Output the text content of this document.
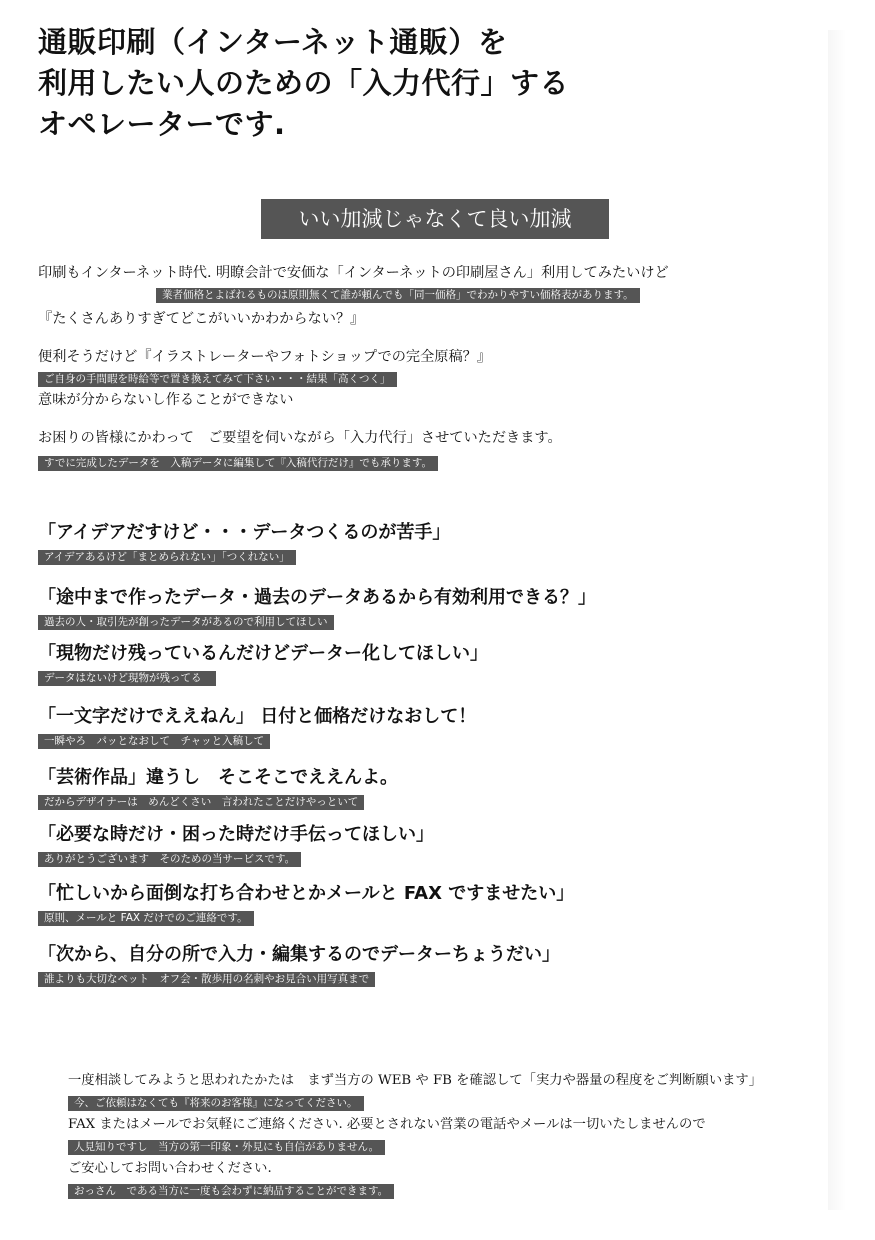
通販印刷（インターネット通販）を
利用したい人のための「入力代行」する
オペレーターです.
いい加減じゃなくて良い加減
印刷もインターネット時代. 明瞭会計で安価な「インターネットの印刷屋さん」利用してみたいけど
業者価格とよばれるものは原則無くて誰が頼んでも「同一価格」でわかりやすい価格表があります。
『たくさんありすぎてどこがいいかわからない？』
便利そうだけど『イラストレーターやフォトショップでの完全原稿？』
ご自身の手間暇を時給等で置き換えてみて下さい・・・結果「高くつく」
意味が分からないし作ることができない
お困りの皆様にかわって　ご要望を伺いながら「入力代行」させていただきます。
すでに完成したデータを　入稿データに編集して『入稿代行だけ』でも承ります。
「アイデアだすけど・・・データつくるのが苦手」
アイデアあるけど「まとめられない」「つくれない」
「途中まで作ったデータ・過去のデータあるから有効利用できる？」
過去の人・取引先が創ったデータがあるので利用してほしい
「現物だけ残っているんだけどデーター化してほしい」
データはないけど現物が残ってる
「一文字だけでええねん」 日付と価格だけなおして！
一瞬やろ　パッとなおして　チャッと入稿して
「芸術作品」違うし　そこそこでええんよ。
だからデザイナーは　めんどくさい　言われたことだけやっといて
「必要な時だけ・困った時だけ手伝ってほしい」
ありがとうございます　そのための当サービスです。
「忙しいから面倒な打ち合わせとかメールと FAX ですませたい」
原則、メールと FAX だけでのご連絡です。
「次から、自分の所で入力・編集するのでデーターちょうだい」
誰よりも大切なペット　オフ会・散歩用の名刺やお見合い用写真まで
一度相談してみようと思われたかたは　まず当方の WEB や FB を確認して「実力や器量の程度をご判断願います」
今、ご依頼はなくても『将来のお客様』になってください。
FAX またはメールでお気軽にご連絡ください. 必要とされない営業の電話やメールは一切いたしませんので
人見知りですし　当方の第一印象・外見にも自信がありません。
ご安心してお問い合わせください.
おっさん　である当方に一度も会わずに納品することができます。
